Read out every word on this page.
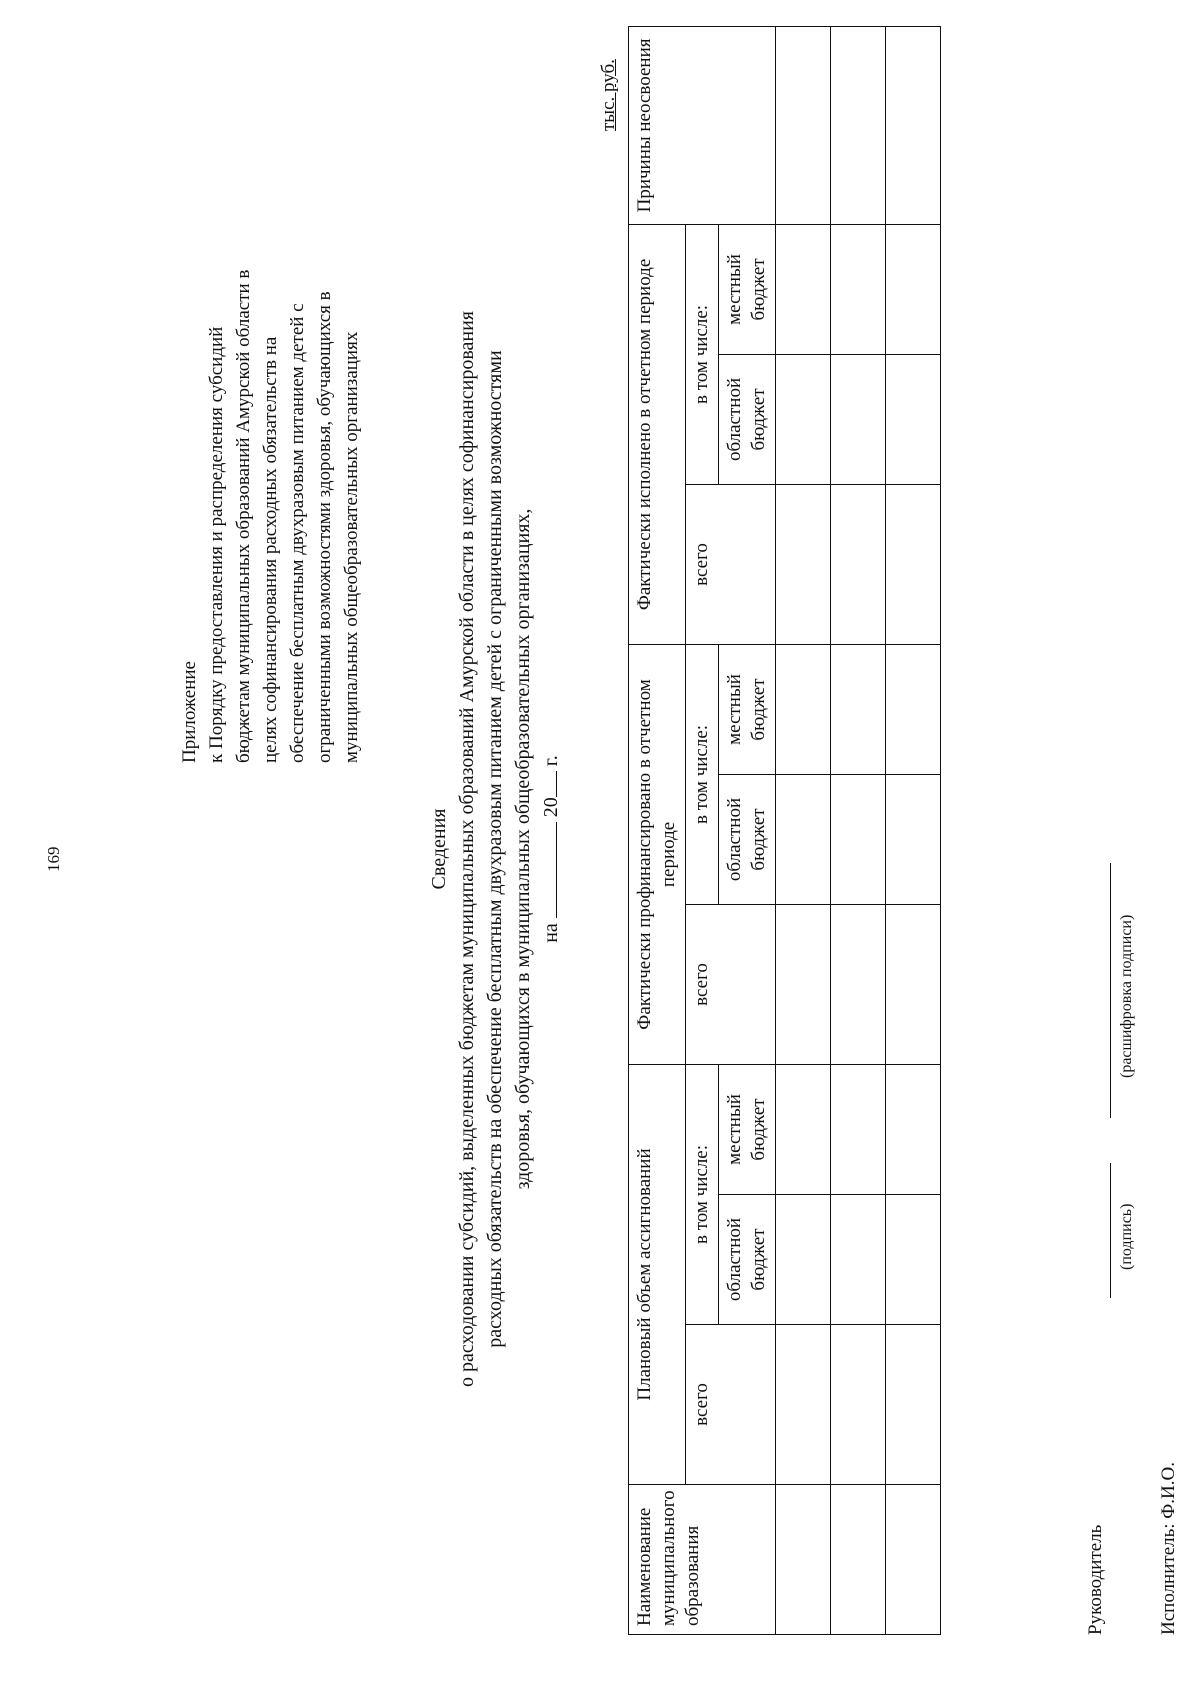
169
Приложение к Порядку предоставления и распределения субсидий бюджетам муниципальных образований Амурской области в целях софинансирования расходных обязательств на обеспечение бесплатным двухразовым питанием детей с ограниченными возможностями здоровья, обучающихся в муниципальных общеобразовательных организациях
Сведения о расходовании субсидий, выделенных бюджетам муниципальных образований Амурской области в целях софинансирования расходных обязательств на обеспечение бесплатным двухразовым питанием детей с ограниченными возможностями здоровья, обучающихся в муниципальных общеобразовательных организациях, на  20 г.
тыс. руб.
Наименование муниципального образования	Плановый объем ассигнований			Фактически профинансировано в отчетном периоде			Фактически исполнено в отчетном периоде			Причины неосвоения
	всего	в том числе:		всего	в том числе:		всего	в том числе:		
		областной бюджет	местный бюджет		областной бюджет	местный бюджет		областной бюджет	местный бюджет	

Руководитель
(подпись)
(расшифровка подписи)
Исполнитель: Ф.И.О.
